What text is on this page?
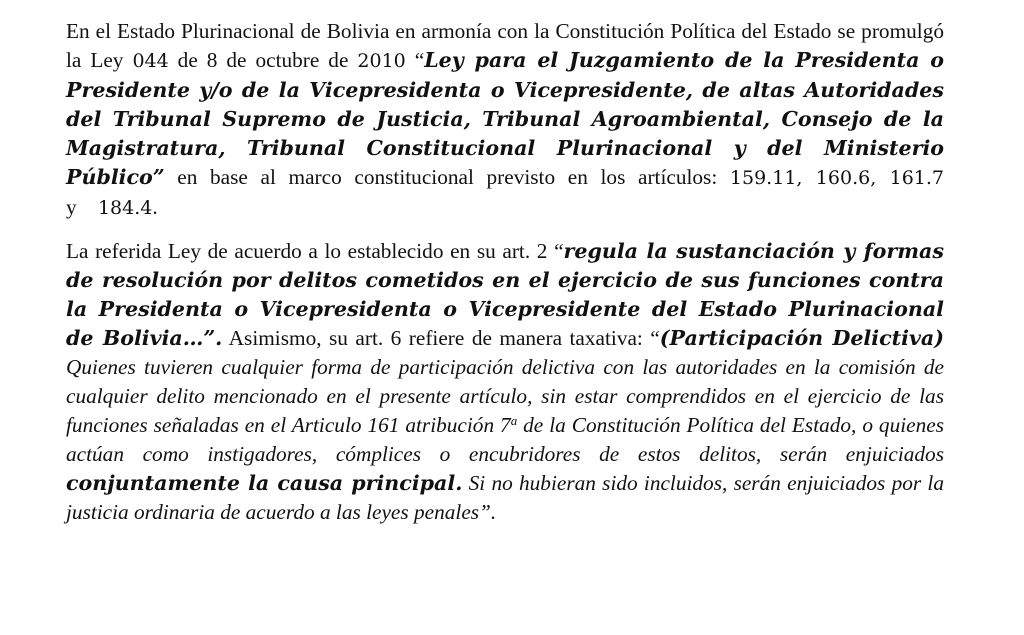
En el Estado Plurinacional de Bolivia en armonía con la Constitución Política del Estado se promulgó la Ley 044 de 8 de octubre de 2010 “Ley para el Juzgamiento de la Presidenta o Presidente y/o de la Vicepresidenta o Vicepresidente, de altas Autoridades del Tribunal Supremo de Justicia, Tribunal Agroambiental, Consejo de la Magistratura, Tribunal Constitucional Plurinacional y del Ministerio Público” en base al marco constitucional previsto en los artículos: 159.11, 160.6, 161.7 y 184.4.

La referida Ley de acuerdo a lo establecido en su art. 2 “regula la sustanciación y formas de resolución por delitos cometidos en el ejercicio de sus funciones contra la Presidenta o Vicepresidenta o Vicepresidente del Estado Plurinacional de Bolivia…”. Asimismo, su art. 6 refiere de manera taxativa: “(Participación Delictiva) Quienes tuvieren cualquier forma de participación delictiva con las autoridades en la comisión de cualquier delito mencionado en el presente artículo, sin estar comprendidos en el ejercicio de las funciones señaladas en el Articulo 161 atribución 7$^a$ de la Constitución Política del Estado, o quienes actúan como instigadores, cómplices o encubridores de estos delitos, serán enjuiciados conjuntamente la causa principal. Si no hubieran sido incluidos, serán enjuiciados por la justicia ordinaria de acuerdo a las leyes penales”.
